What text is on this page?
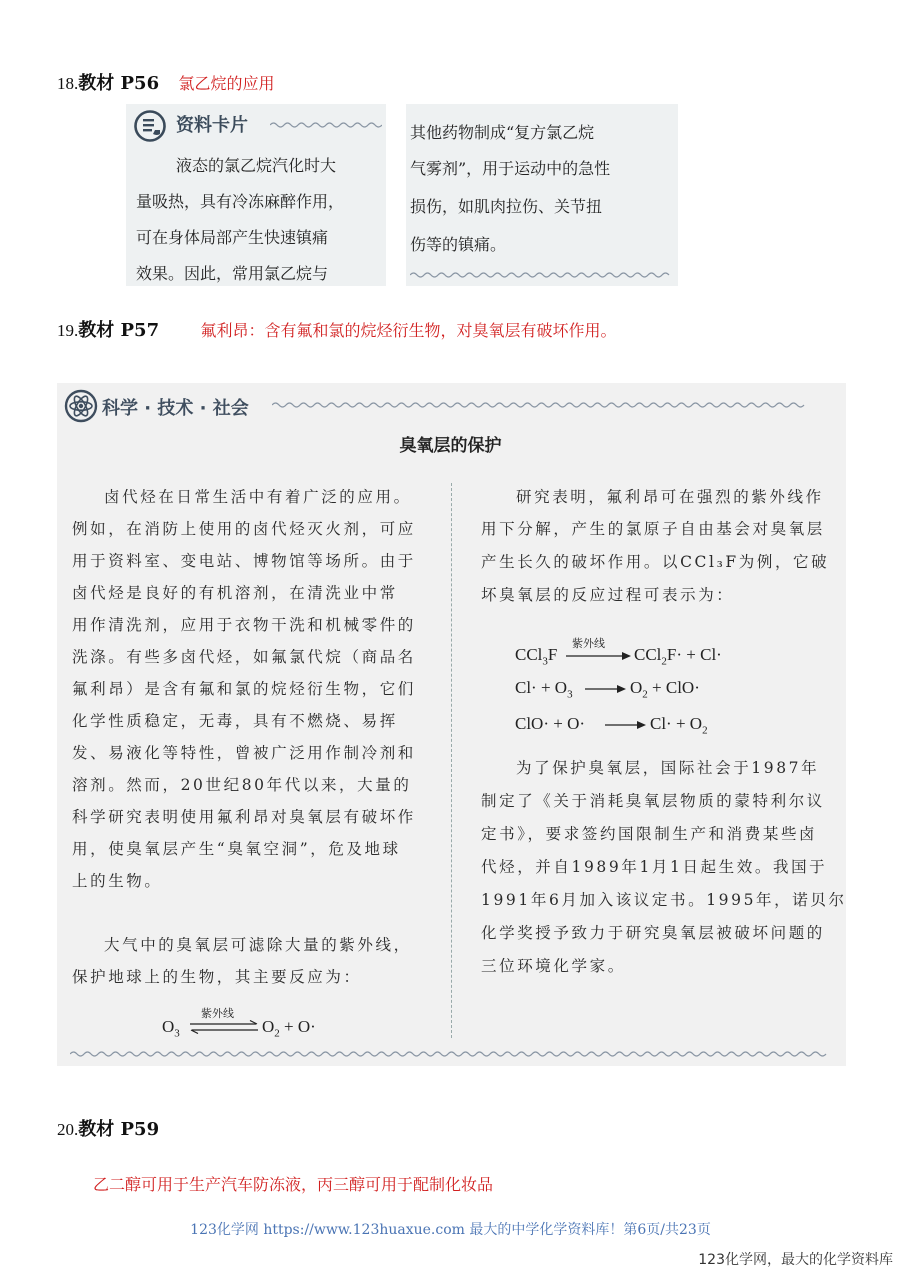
18.教材 P56 氯乙烷的应用
资料卡片
液态的氯乙烷汽化时大
量吸热，具有冷冻麻醉作用，
可在身体局部产生快速镇痛
效果。因此，常用氯乙烷与
其他药物制成“复方氯乙烷
气雾剂”，用于运动中的急性
损伤，如肌肉拉伤、关节扭
伤等的镇痛。
19.教材 P57	氟利昂：含有氟和氯的烷烃衍生物，对臭氧层有破坏作用。
科学 · 技术 · 社会
臭氧层的保护
卤代烃在日常生活中有着广泛的应用。
例如，在消防上使用的卤代烃灭火剂，可应
用于资料室、变电站、博物馆等场所。由于
卤代烃是良好的有机溶剂，在清洗业中常
用作清洗剂，应用于衣物干洗和机械零件的
洗涤。有些多卤代烃，如氟氯代烷（商品名
氟利昂）是含有氟和氯的烷烃衍生物，它们
化学性质稳定，无毒，具有不燃烧、易挥
发、易液化等特性，曾被广泛用作制冷剂和
溶剂。然而，20世纪80年代以来，大量的
科学研究表明使用氟利昂对臭氧层有破坏作
用，使臭氧层产生“臭氧空洞”，危及地球
上的生物。
大气中的臭氧层可滤除大量的紫外线，
保护地球上的生物，其主要反应为：
$O_3$
紫外线
$O_2 + O\cdot$
研究表明，氟利昂可在强烈的紫外线作
用下分解，产生的氯原子自由基会对臭氧层
产生长久的破坏作用。以CCl₃F为例，它破
坏臭氧层的反应过程可表示为：
CCl$_3$F
紫外线
CCl$_2$F· + Cl·
$Cl\cdot + O_3$	$O_2 + ClO\cdot$
ClO· + O·	$Cl\cdot + O_2$
为了保护臭氧层，国际社会于1987年
制定了《关于消耗臭氧层物质的蒙特利尔议
定书》，要求签约国限制生产和消费某些卤
代烃，并自1989年1月1日起生效。我国于
1991年6月加入该议定书。1995年，诺贝尔
化学奖授予致力于研究臭氧层被破坏问题的
三位环境化学家。
20.教材 P59
乙二醇可用于生产汽车防冻液，丙三醇可用于配制化妆品
123化学网 https://www.123huaxue.com 最大的中学化学资料库！第6页/共23页
123化学网，最大的化学资料库
